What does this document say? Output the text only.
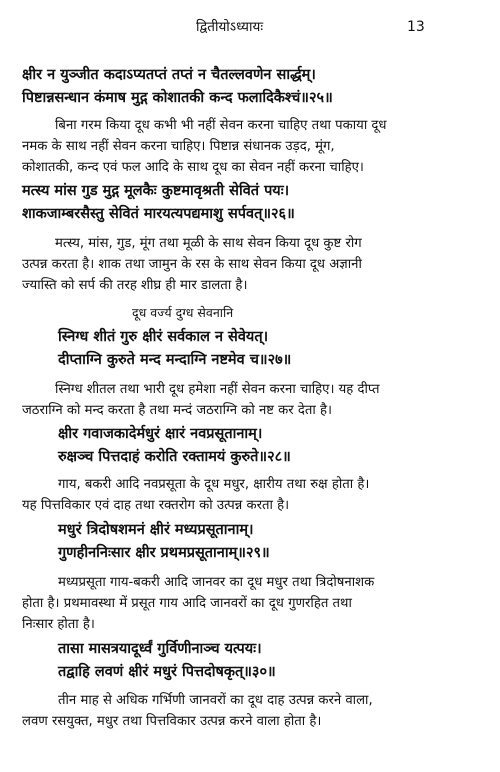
द्वितीयोऽध्यायः	13
क्षीर न युञ्जीत कदाऽप्यतप्तं तप्तं न चैतल्लवणेन सार्द्धम्।
पिष्टान्नसन्धान कंमाष मुद्ग कोशातकी कन्द फलादिकैश्चं॥२५॥
बिना गरम किया दूध कभी भी नहीं सेवन करना चाहिए तथा पकाया दूध
नमक के साथ नहीं सेवन करना चाहिए। पिष्टान्न संधानक उड़द, मूंग,
कोशातकी, कन्द एवं फल आदि के साथ दूध का सेवन नहीं करना चाहिए।
मत्स्य मांस गुड मुद्ग मूलकैः कुष्टमावृश्रती सेवितं पयः।
शाकजाम्बरसैस्तु सेवितं मारयत्यपद्यमाशु सर्पवत्॥२६॥
मत्स्य, मांस, गुड, मूंग तथा मूळी के साथ सेवन किया दूध कुष्ट रोग
उत्पन्न करता है। शाक तथा जामुन के रस के साथ सेवन किया दूध अज्ञानी
ज्यास्ति को सर्प की तरह शीघ्र ही मार डालता है।
दूध वर्ज्य दुग्ध सेवनानि
स्निग्ध शीतं गुरु क्षीरं सर्वकाल न सेवेयत्।
दीप्ताग्नि कुरुते मन्द मन्दाग्नि नष्टमेव च॥२७॥
स्निग्ध शीतल तथा भारी दूध हमेशा नहीं सेवन करना चाहिए। यह दीप्त
जठराग्नि को मन्द करता है तथा मन्दं जठराग्नि को नष्ट कर देता है।
क्षीर गवाजकादेर्मधुरं क्षारं नवप्रसूतानाम्।
रुक्षञ्च पित्तदाहं करोति रक्तामयं कुरुते॥२८॥
गाय, बकरी आदि नवप्रसूता के दूध मधुर, क्षारीय तथा रुक्ष होता है।
यह पित्तविकार एवं दाह तथा रक्तरोग को उत्पन्न करता है।
मधुरं त्रिदोषशमनं क्षीरं मध्यप्रसूतानाम्।
गुणहीननिःसार क्षीर प्रथमप्रसूतानाम्॥२९॥
मध्यप्रसूता गाय-बकरी आदि जानवर का दूध मधुर तथा त्रिदोषनाशक
होता है। प्रथमावस्था में प्रसूत गाय आदि जानवरों का दूध गुणरहित तथा
निःसार होता है।
तासा मासत्रयादूर्ध्वं गुर्विणीनाञ्च यत्पयः।
तद्वाहि लवणं क्षीरं मधुरं पित्तदोषकृत्॥३०॥
तीन माह से अधिक गर्भिणी जानवरों का दूध दाह उत्पन्न करने वाला,
लवण रसयुक्त, मधुर तथा पित्तविकार उत्पन्न करने वाला होता है।
